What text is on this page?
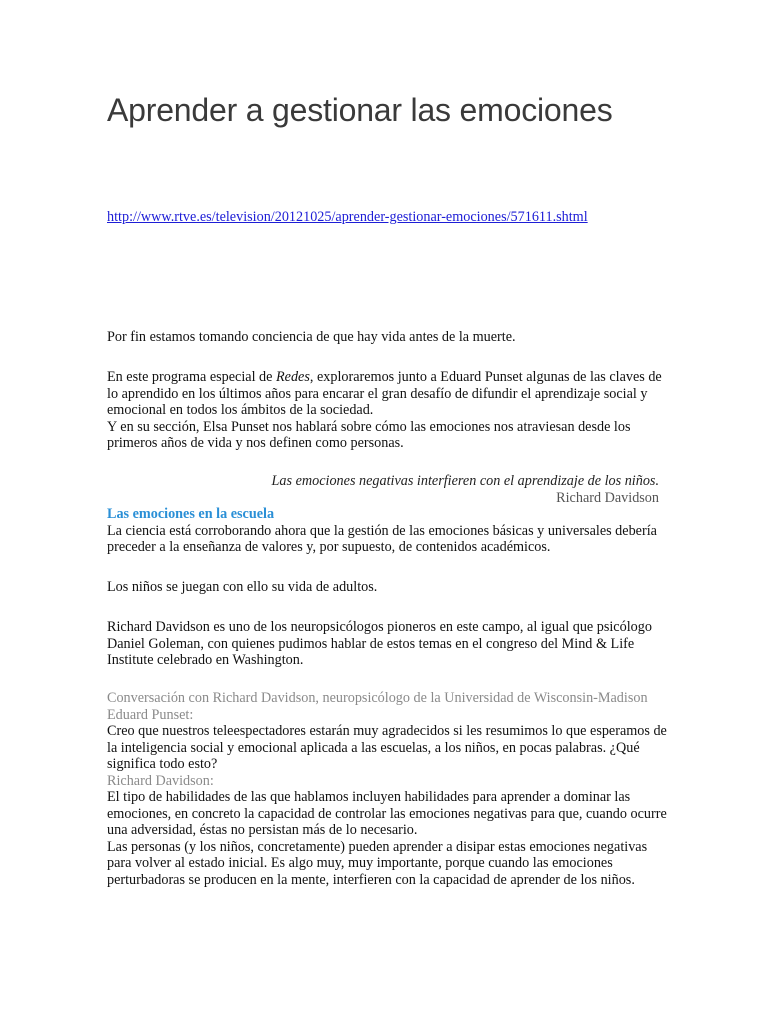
Aprender a gestionar las emociones
http://www.rtve.es/television/20121025/aprender-gestionar-emociones/571611.shtml

Por fin estamos tomando conciencia de que hay vida antes de la muerte.

En este programa especial de Redes, exploraremos junto a Eduard Punset algunas de las claves de lo aprendido en los últimos años para encarar el gran desafío de difundir el aprendizaje social y emocional en todos los ámbitos de la sociedad.
Y en su sección, Elsa Punset nos hablará sobre cómo las emociones nos atraviesan desde los primeros años de vida y nos definen como personas.
Las emociones negativas interfieren con el aprendizaje de los niños.
Richard Davidson
Las emociones en la escuela
La ciencia está corroborando ahora que la gestión de las emociones básicas y universales debería preceder a la enseñanza de valores y, por supuesto, de contenidos académicos.

Los niños se juegan con ello su vida de adultos.

Richard Davidson es uno de los neuropsicólogos pioneros en este campo, al igual que psicólogo Daniel Goleman, con quienes pudimos hablar de estos temas en el congreso del Mind & Life Institute celebrado en Washington.

Conversación con Richard Davidson, neuropsicólogo de la Universidad de Wisconsin-Madison
Eduard Punset:
Creo que nuestros teleespectadores estarán muy agradecidos si les resumimos lo que esperamos de la inteligencia social y emocional aplicada a las escuelas, a los niños, en pocas palabras. ¿Qué significa todo esto?
Richard Davidson:
El tipo de habilidades de las que hablamos incluyen habilidades para aprender a dominar las emociones, en concreto la capacidad de controlar las emociones negativas para que, cuando ocurre una adversidad, éstas no persistan más de lo necesario.
Las personas (y los niños, concretamente) pueden aprender a disipar estas emociones negativas para volver al estado inicial. Es algo muy, muy importante, porque cuando las emociones perturbadoras se producen en la mente, interfieren con la capacidad de aprender de los niños.
